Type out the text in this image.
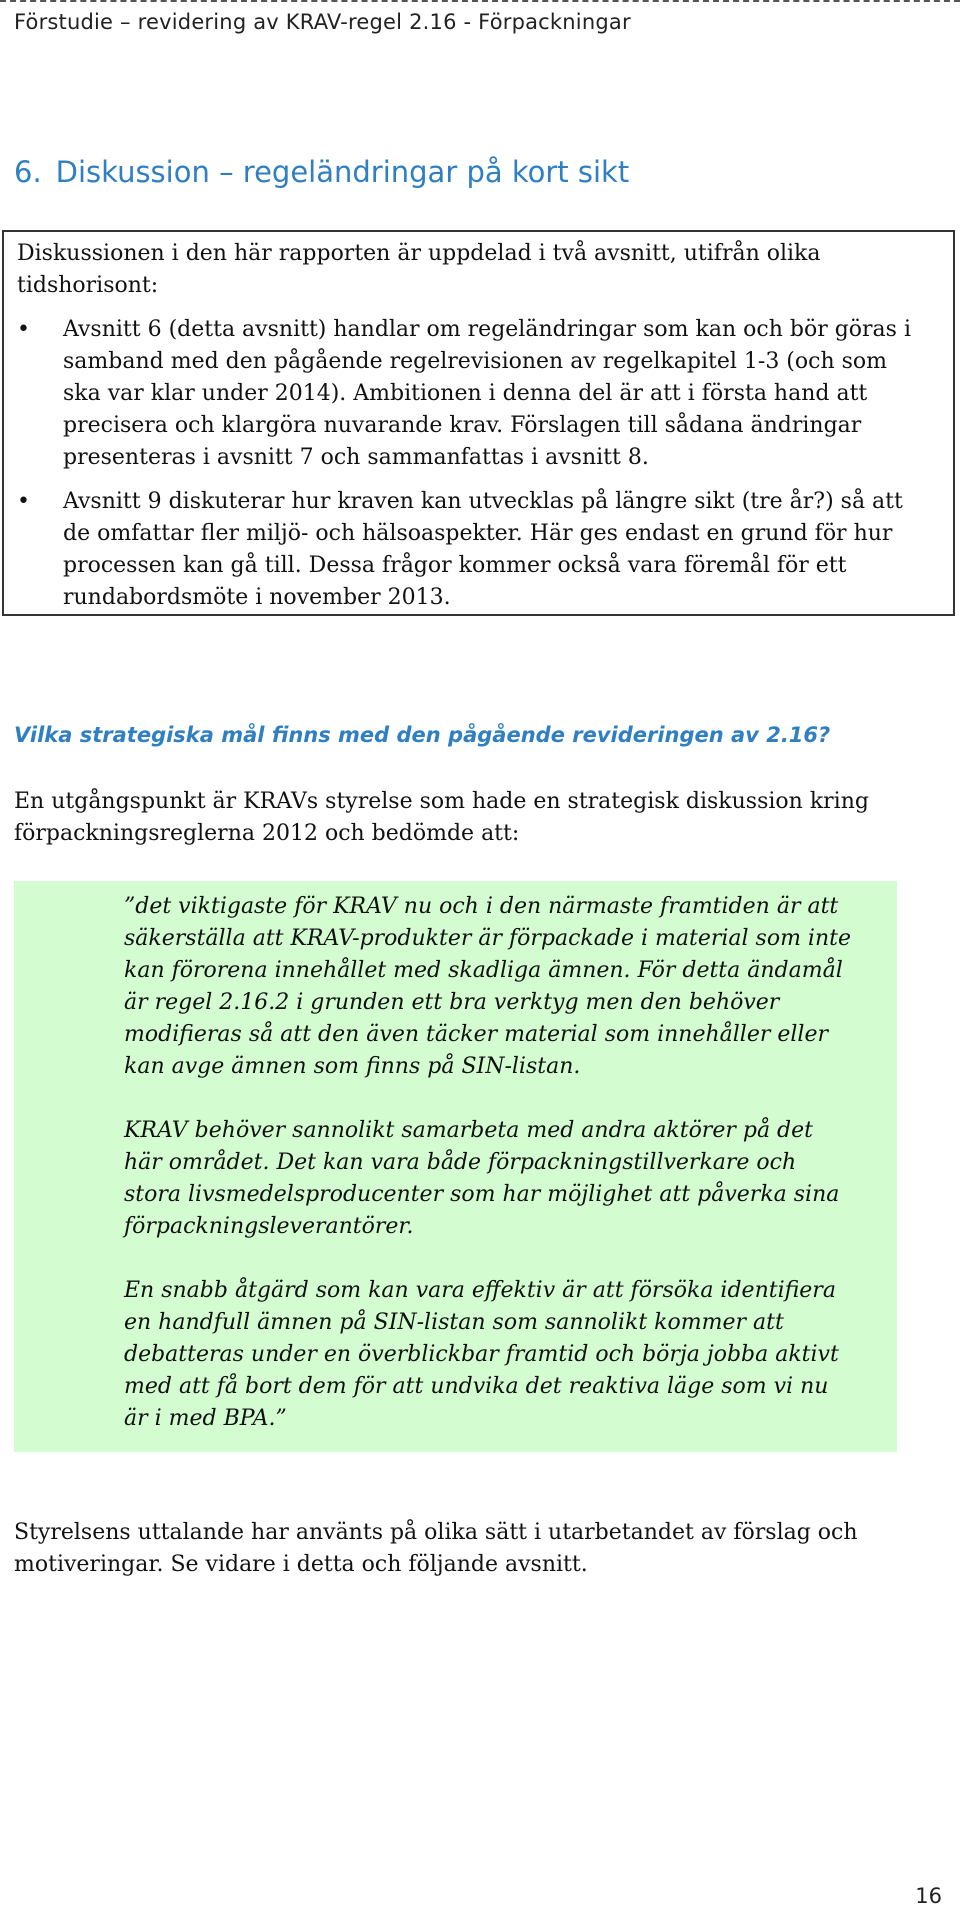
Förstudie – revidering av KRAV-regel 2.16 - Förpackningar
6. Diskussion – regeländringar på kort sikt

Diskussionen i den här rapporten är uppdelad i två avsnitt, utifrån olika tidshorisont:

• Avsnitt 6 (detta avsnitt) handlar om regeländringar som kan och bör göras i samband med den pågående regelrevisionen av regelkapitel 1-3 (och som ska var klar under 2014). Ambitionen i denna del är att i första hand att precisera och klargöra nuvarande krav. Förslagen till sådana ändringar presenteras i avsnitt 7 och sammanfattas i avsnitt 8.
• Avsnitt 9 diskuterar hur kraven kan utvecklas på längre sikt (tre år?) så att de omfattar fler miljö- och hälsoaspekter. Här ges endast en grund för hur processen kan gå till. Dessa frågor kommer också vara föremål för ett rundabordsmöte i november 2013.
Vilka strategiska mål finns med den pågående revideringen av 2.16?

En utgångspunkt är KRAVs styrelse som hade en strategisk diskussion kring förpackningsreglerna 2012 och bedömde att:

”det viktigaste för KRAV nu och i den närmaste framtiden är att säkerställa att KRAV-produkter är förpackade i material som inte kan förorena innehållet med skadliga ämnen. För detta ändamål är regel 2.16.2 i grunden ett bra verktyg men den behöver modifieras så att den även täcker material som innehåller eller kan avge ämnen som finns på SIN-listan.

KRAV behöver sannolikt samarbeta med andra aktörer på det här området. Det kan vara både förpackningstillverkare och stora livsmedelsproducenter som har möjlighet att påverka sina förpackningsleverantörer.

En snabb åtgärd som kan vara effektiv är att försöka identifiera en handfull ämnen på SIN-listan som sannolikt kommer att debatteras under en överblickbar framtid och börja jobba aktivt med att få bort dem för att undvika det reaktiva läge som vi nu är i med BPA.”

Styrelsens uttalande har använts på olika sätt i utarbetandet av förslag och motiveringar. Se vidare i detta och följande avsnitt.

16
